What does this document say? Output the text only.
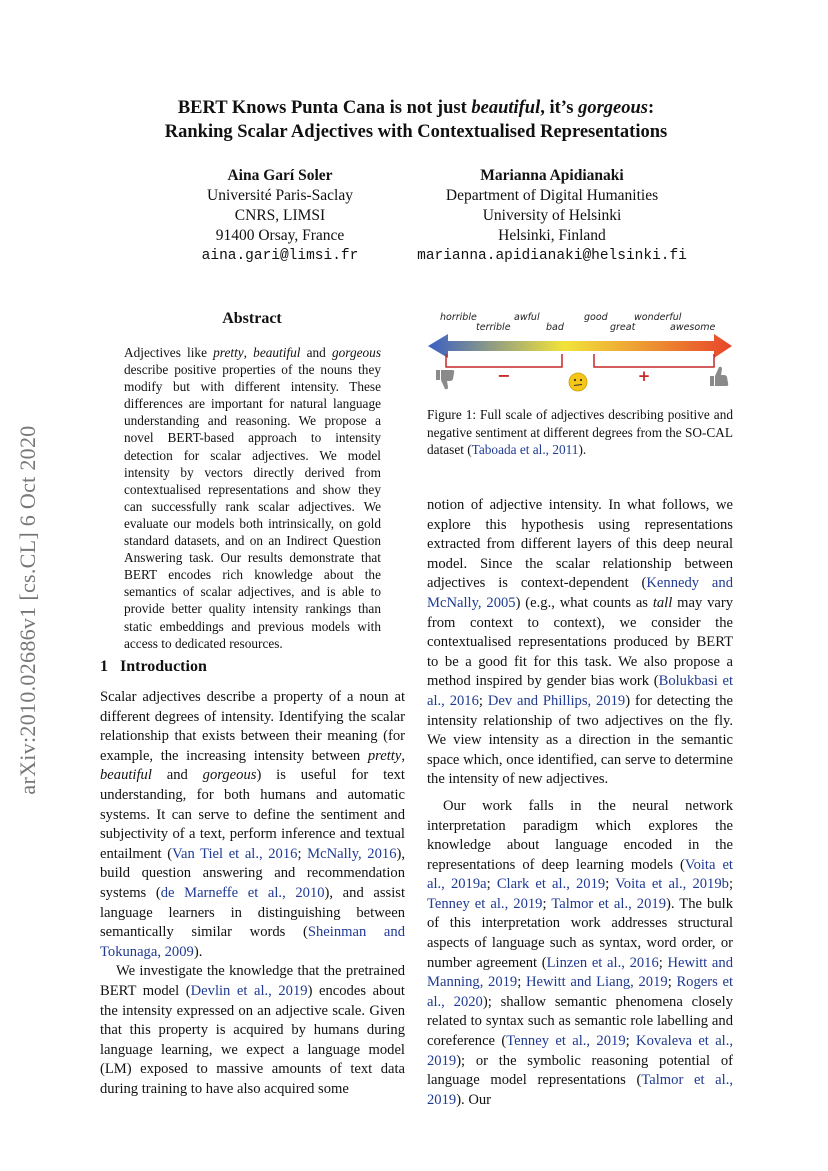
BERT Knows Punta Cana is not just beautiful, it’s gorgeous:
Ranking Scalar Adjectives with Contextualised Representations
Aina Garí Soler
Université Paris-Saclay
CNRS, LIMSI
91400 Orsay, France
aina.gari@limsi.fr
Marianna Apidianaki
Department of Digital Humanities
University of Helsinki
Helsinki, Finland
marianna.apidianaki@helsinki.fi
arXiv:2010.02686v1 [cs.CL] 6 Oct 2020
Abstract
Adjectives like pretty, beautiful and gorgeous describe positive properties of the nouns they modify but with different intensity. These differences are important for natural language understanding and reasoning. We propose a novel BERT-based approach to intensity detection for scalar adjectives. We model intensity by vectors directly derived from contextualised representations and show they can successfully rank scalar adjectives. We evaluate our models both intrinsically, on gold standard datasets, and on an Indirect Question Answering task. Our results demonstrate that BERT encodes rich knowledge about the semantics of scalar adjectives, and is able to provide better quality intensity rankings than static embeddings and previous models with access to dedicated resources.
1 Introduction

Scalar adjectives describe a property of a noun at different degrees of intensity. Identifying the scalar relationship that exists between their meaning (for example, the increasing intensity between pretty, beautiful and gorgeous) is useful for text understanding, for both humans and automatic systems. It can serve to define the sentiment and subjectivity of a text, perform inference and textual entailment (Van Tiel et al., 2016; McNally, 2016), build question answering and recommendation systems (de Marneffe et al., 2010), and assist language learners in distinguishing between semantically similar words (Sheinman and Tokunaga, 2009).

We investigate the knowledge that the pretrained BERT model (Devlin et al., 2019) encodes about the intensity expressed on an adjective scale. Given that this property is acquired by humans during language learning, we expect a language model (LM) exposed to massive amounts of text data during training to have also acquired some

horrible
terrible
awful
bad
good
great
wonderful
awesome
−	+
Figure 1: Full scale of adjectives describing positive and negative sentiment at different degrees from the SO-CAL dataset (Taboada et al., 2011).

notion of adjective intensity. In what follows, we explore this hypothesis using representations extracted from different layers of this deep neural model. Since the scalar relationship between adjectives is context-dependent (Kennedy and McNally, 2005) (e.g., what counts as tall may vary from context to context), we consider the contextualised representations produced by BERT to be a good fit for this task. We also propose a method inspired by gender bias work (Bolukbasi et al., 2016; Dev and Phillips, 2019) for detecting the intensity relationship of two adjectives on the fly. We view intensity as a direction in the semantic space which, once identified, can serve to determine the intensity of new adjectives.

Our work falls in the neural network interpretation paradigm which explores the knowledge about language encoded in the representations of deep learning models (Voita et al., 2019a; Clark et al., 2019; Voita et al., 2019b; Tenney et al., 2019; Talmor et al., 2019). The bulk of this interpretation work addresses structural aspects of language such as syntax, word order, or number agreement (Linzen et al., 2016; Hewitt and Manning, 2019; Hewitt and Liang, 2019; Rogers et al., 2020); shallow semantic phenomena closely related to syntax such as semantic role labelling and coreference (Tenney et al., 2019; Kovaleva et al., 2019); or the symbolic reasoning potential of language model representations (Talmor et al., 2019). Our
